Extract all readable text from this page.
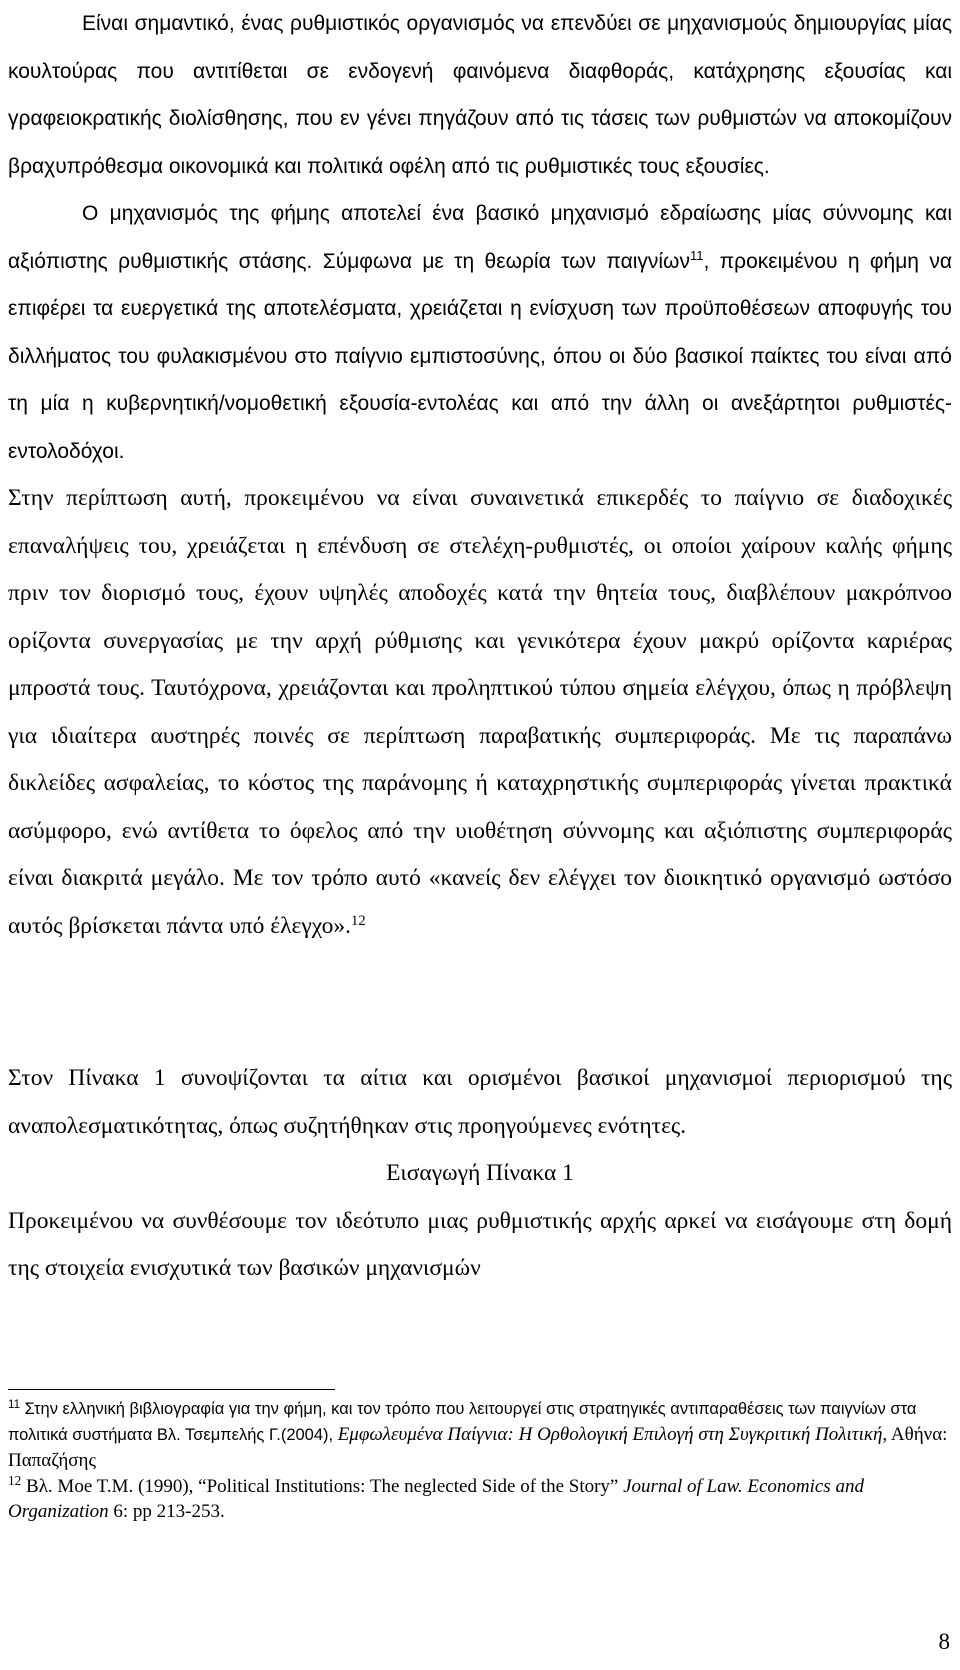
Είναι σημαντικό, ένας ρυθμιστικός οργανισμός να επενδύει σε μηχανισμούς δημιουργίας μίας κουλτούρας που αντιτίθεται σε ενδογενή φαινόμενα διαφθοράς, κατάχρησης εξουσίας και γραφειοκρατικής διολίσθησης, που εν γένει πηγάζουν από τις τάσεις των ρυθμιστών να αποκομίζουν βραχυπρόθεσμα οικονομικά και πολιτικά οφέλη από τις ρυθμιστικές τους εξουσίες.

Ο μηχανισμός της φήμης αποτελεί ένα βασικό μηχανισμό εδραίωσης μίας σύννομης και αξιόπιστης ρυθμιστικής στάσης. Σύμφωνα με τη θεωρία των παιγνίων$^{11}$, προκειμένου η φήμη να επιφέρει τα ευεργετικά της αποτελέσματα, χρειάζεται η ενίσχυση των προϋποθέσεων αποφυγής του διλλήματος του φυλακισμένου στο παίγνιο εμπιστοσύνης, όπου οι δύο βασικοί παίκτες του είναι από τη μία η κυβερνητική/νομοθετική εξουσία-εντολέας και από την άλλη οι ανεξάρτητοι ρυθμιστές-εντολοδόχοι.

Στην περίπτωση αυτή, προκειμένου να είναι συναινετικά επικερδές το παίγνιο σε διαδοχικές επαναλήψεις του, χρειάζεται η επένδυση σε στελέχη-ρυθμιστές, οι οποίοι χαίρουν καλής φήμης πριν τον διορισμό τους, έχουν υψηλές αποδοχές κατά την θητεία τους, διαβλέπουν μακρόπνοο ορίζοντα συνεργασίας με την αρχή ρύθμισης και γενικότερα έχουν μακρύ ορίζοντα καριέρας μπροστά τους. Ταυτόχρονα, χρειάζονται και προληπτικού τύπου σημεία ελέγχου, όπως η πρόβλεψη για ιδιαίτερα αυστηρές ποινές σε περίπτωση παραβατικής συμπεριφοράς. Με τις παραπάνω δικλείδες ασφαλείας, το κόστος της παράνομης ή καταχρηστικής συμπεριφοράς γίνεται πρακτικά ασύμφορο, ενώ αντίθετα το όφελος από την υιοθέτηση σύννομης και αξιόπιστης συμπεριφοράς είναι διακριτά μεγάλο. Με τον τρόπο αυτό «κανείς δεν ελέγχει τον διοικητικό οργανισμό ωστόσο αυτός βρίσκεται πάντα υπό έλεγχο».$^{12}$

Στον Πίνακα 1 συνοψίζονται τα αίτια και ορισμένοι βασικοί μηχανισμοί περιορισμού της αναπολεσματικότητας, όπως συζητήθηκαν στις προηγούμενες ενότητες.

Εισαγωγή Πίνακα 1

Προκειμένου να συνθέσουμε τον ιδεότυπο μιας ρυθμιστικής αρχής αρκεί να εισάγουμε στη δομή της στοιχεία ενισχυτικά των βασικών μηχανισμών

$^{11}$ Στην ελληνική βιβλιογραφία για την φήμη, και τον τρόπο που λειτουργεί στις στρατηγικές αντιπαραθέσεις των παιγνίων στα πολιτικά συστήματα Βλ. Τσεμπελής Γ.(2004), Εμφωλευμένα Παίγνια: Η Ορθολογική Επιλογή στη Συγκριτική Πολιτική, Αθήνα: Παπαζήσης

$^{12}$ Βλ. Moe T.M. (1990), “Political Institutions: The neglected Side of the Story” Journal of Law. Economics and Organization 6: pp 213-253.

8
